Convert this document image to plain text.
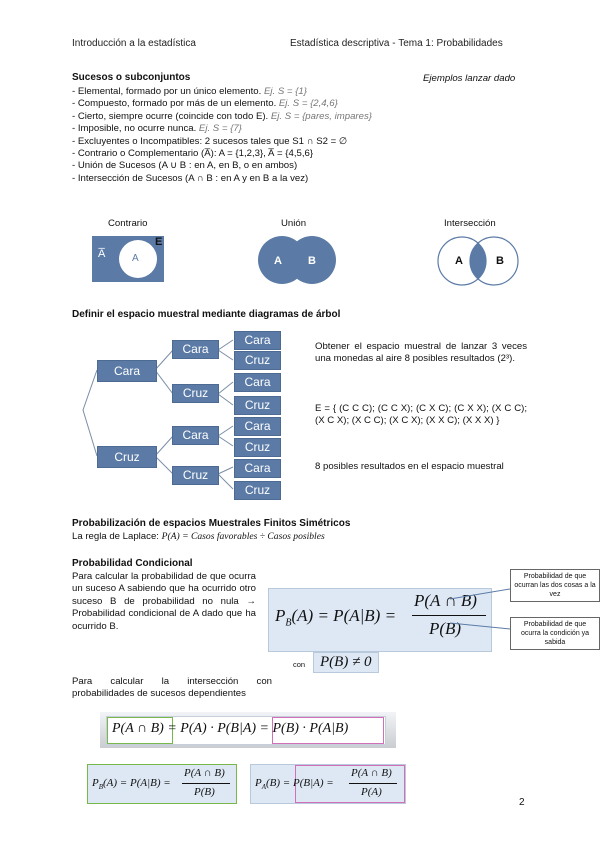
Introducción a la estadística	Estadística descriptiva - Tema 1: Probabilidades
Sucesos o subconjuntos	Ejemplos lanzar dado
- Elemental, formado por un único elemento. Ej. S = {1}
- Compuesto, formado por más de un elemento. Ej. S = {2,4,6}
- Cierto, siempre ocurre (coincide con todo E). Ej. S = {pares, impares}
- Imposible, no ocurre nunca. Ej. S = {7}
- Excluyentes o Incompatibles: 2 sucesos tales que S1 ∩ S2 = ∅
- Contrario o Complementario (A̅): A = {1,2,3}, A̅ = {4,5,6}
- Unión de Sucesos (A ∪ B : en A, en B, o en ambos)
- Intersección de Sucesos (A ∩ B : en A y en B a la vez)
Contrario	Unión	Intersección
A
A̅
E
A B	A	B
Definir el espacio muestral mediante diagramas de árbol
Cara
Cruz
Cara
Cruz
Cara
Cruz
Cara
Cruz
Cara
Cruz
Cara
Cruz
Cara
Cruz
Obtener el espacio muestral de lanzar 3 veces una monedas al aire 8 posibles resultados (2³).
E = { (C C C); (C C X); (C X C); (C X X); (X C C); (X C X); (X C C); (X C X); (X X C); (X X X) }
8 posibles resultados en el espacio muestral
Probabilización de espacios Muestrales Finitos Simétricos
La regla de Laplace: P(A) = Casos favorables ÷ Casos posibles
Probabilidad Condicional
Para calcular la probabilidad de que ocurra un suceso A sabiendo que ha ocurrido otro suceso B de probabilidad no nula → Probabilidad condicional de A dado que ha ocurrido B.
Para calcular la intersección con probabilidades de sucesos dependientes
$P_B(A) = P(A|B)$ =
P(A ∩ B)
P(B)
con P(B) ≠ 0
Probabilidad de que ocurran las dos cosas a la vez
Probabilidad de que ocurra la condición ya sabida
P(A ∩ B) = P(A) · P(B|A) = P(B) · P(A|B)
$P_B(A) = P(A|B)$ =
P(A ∩ B)
P(B)
$P_A(B) = P(B|A)$ =
P(A ∩ B)
P(A)
2
